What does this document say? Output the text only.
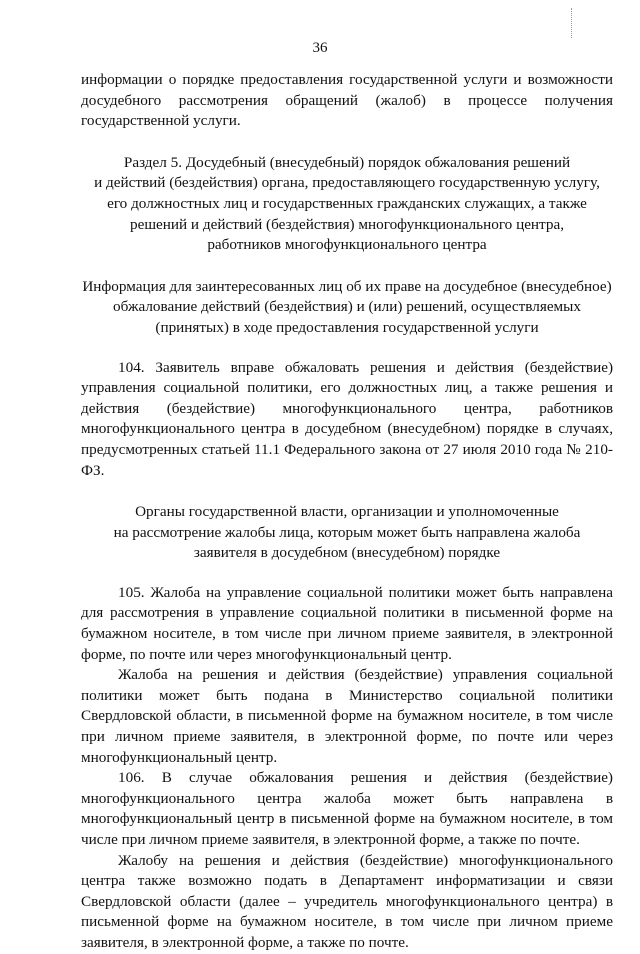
36

информации о порядке предоставления государственной услуги и возможности досудебного рассмотрения обращений (жалоб) в процессе получения государственной услуги.

Раздел 5. Досудебный (внесудебный) порядок обжалования решений
и действий (бездействия) органа, предоставляющего государственную услугу,
его должностных лиц и государственных гражданских служащих, а также
решений и действий (бездействия) многофункционального центра,
работников многофункционального центра
Информация для заинтересованных лиц об их праве на досудебное (внесудебное)
обжалование действий (бездействия) и (или) решений, осуществляемых
(принятых) в ходе предоставления государственной услуги

104. Заявитель вправе обжаловать решения и действия (бездействие) управления социальной политики, его должностных лиц, а также решения и действия (бездействие) многофункционального центра, работников многофункционального центра в досудебном (внесудебном) порядке в случаях, предусмотренных статьей 11.1 Федерального закона от 27 июля 2010 года № 210-ФЗ.

Органы государственной власти, организации и уполномоченные
на рассмотрение жалобы лица, которым может быть направлена жалоба
заявителя в досудебном (внесудебном) порядке

105. Жалоба на управление социальной политики может быть направлена для рассмотрения в управление социальной политики в письменной форме на бумажном носителе, в том числе при личном приеме заявителя, в электронной форме, по почте или через многофункциональный центр.

Жалоба на решения и действия (бездействие) управления социальной политики может быть подана в Министерство социальной политики Свердловской области, в письменной форме на бумажном носителе, в том числе при личном приеме заявителя, в электронной форме, по почте или через многофункциональный центр.

106. В случае обжалования решения и действия (бездействие) многофункционального центра жалоба может быть направлена в многофункциональный центр в письменной форме на бумажном носителе, в том числе при личном приеме заявителя, в электронной форме, а также по почте.

Жалобу на решения и действия (бездействие) многофункционального центра также возможно подать в Департамент информатизации и связи Свердловской области (далее – учредитель многофункционального центра) в письменной форме на бумажном носителе, в том числе при личном приеме заявителя, в электронной форме, а также по почте.
